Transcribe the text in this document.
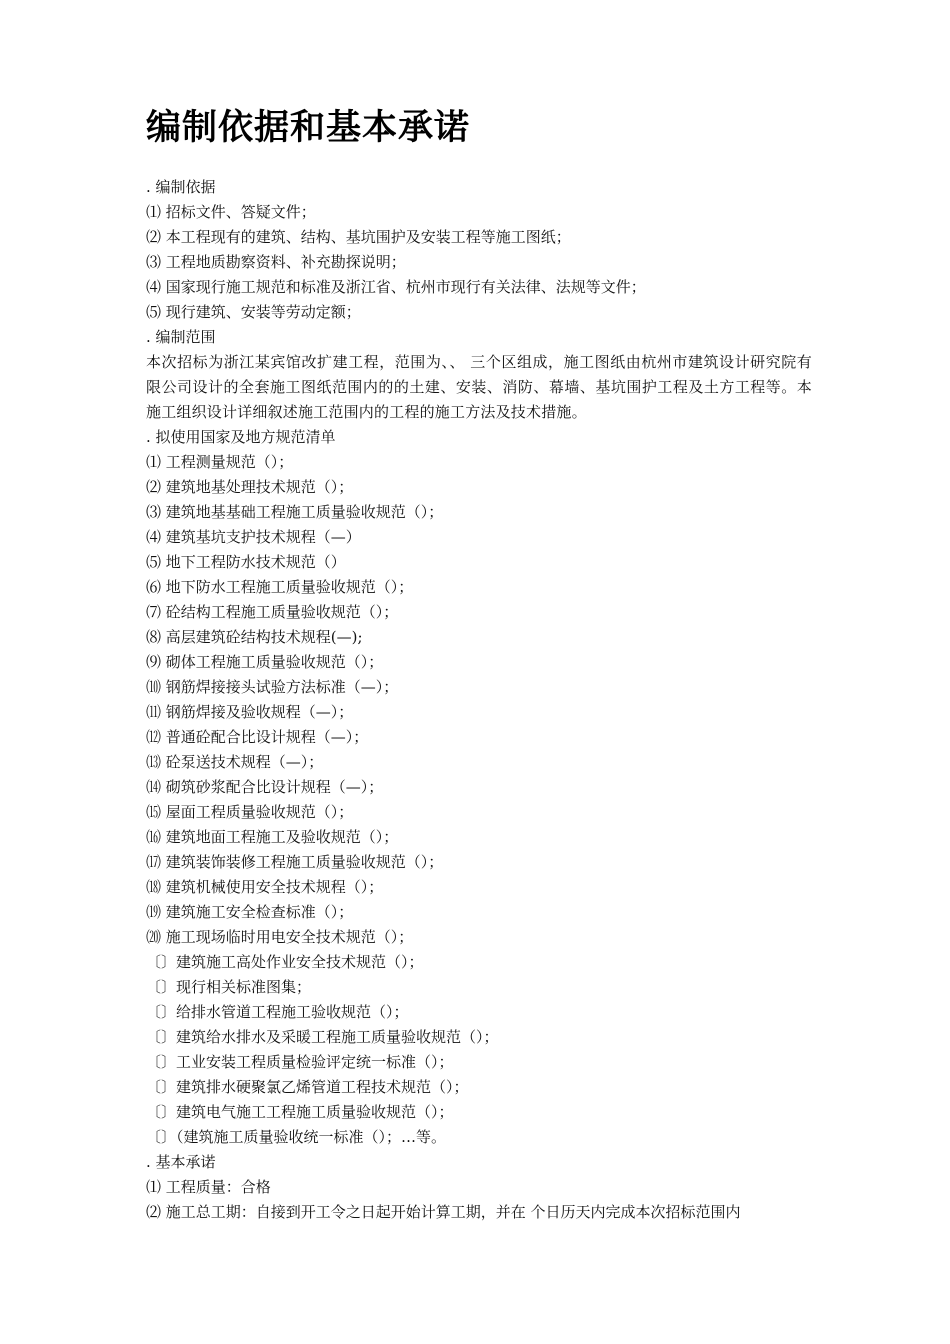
编制依据和基本承诺
. 编制依据
⑴ 招标文件、答疑文件；
⑵ 本工程现有的建筑、结构、基坑围护及安装工程等施工图纸；
⑶ 工程地质勘察资料、补充勘探说明；
⑷ 国家现行施工规范和标准及浙江省、杭州市现行有关法律、法规等文件；
⑸ 现行建筑、安装等劳动定额；
. 编制范围
本次招标为浙江某宾馆改扩建工程，范围为、、 三个区组成，施工图纸由杭州市建筑设计研究院有限公司设计的全套施工图纸范围内的的土建、安装、消防、幕墙、基坑围护工程及土方工程等。本施工组织设计详细叙述施工范围内的工程的施工方法及技术措施。
. 拟使用国家及地方规范清单
⑴ 工程测量规范（）；
⑵ 建筑地基处理技术规范（）；
⑶ 建筑地基基础工程施工质量验收规范（）；
⑷ 建筑基坑支护技术规程（—）
⑸ 地下工程防水技术规范（）
⑹ 地下防水工程施工质量验收规范（）；
⑺ 砼结构工程施工质量验收规范（）；
⑻ 高层建筑砼结构技术规程(—);
⑼ 砌体工程施工质量验收规范（）；
⑽ 钢筋焊接接头试验方法标准（—）；
⑾ 钢筋焊接及验收规程（—）；
⑿ 普通砼配合比设计规程（—）；
⒀ 砼泵送技术规程（—）；
⒁ 砌筑砂浆配合比设计规程（—）；
⒂ 屋面工程质量验收规范（）；
⒃ 建筑地面工程施工及验收规范（）；
⒄ 建筑装饰装修工程施工质量验收规范（）；
⒅ 建筑机械使用安全技术规程（）；
⒆ 建筑施工安全检查标准（）；
⒇ 施工现场临时用电安全技术规范（）；
〔〕建筑施工高处作业安全技术规范（）；
〔〕现行相关标准图集；
〔〕给排水管道工程施工验收规范（）；
〔〕建筑给水排水及采暖工程施工质量验收规范（）；
〔〕工业安装工程质量检验评定统一标准（）；
〔〕建筑排水硬聚氯乙烯管道工程技术规范（）；
〔〕建筑电气施工工程施工质量验收规范（）；
〔〕（建筑施工质量验收统一标准（）；…等。
. 基本承诺
⑴ 工程质量：合格
⑵ 施工总工期：自接到开工令之日起开始计算工期，并在 个日历天内完成本次招标范围内
